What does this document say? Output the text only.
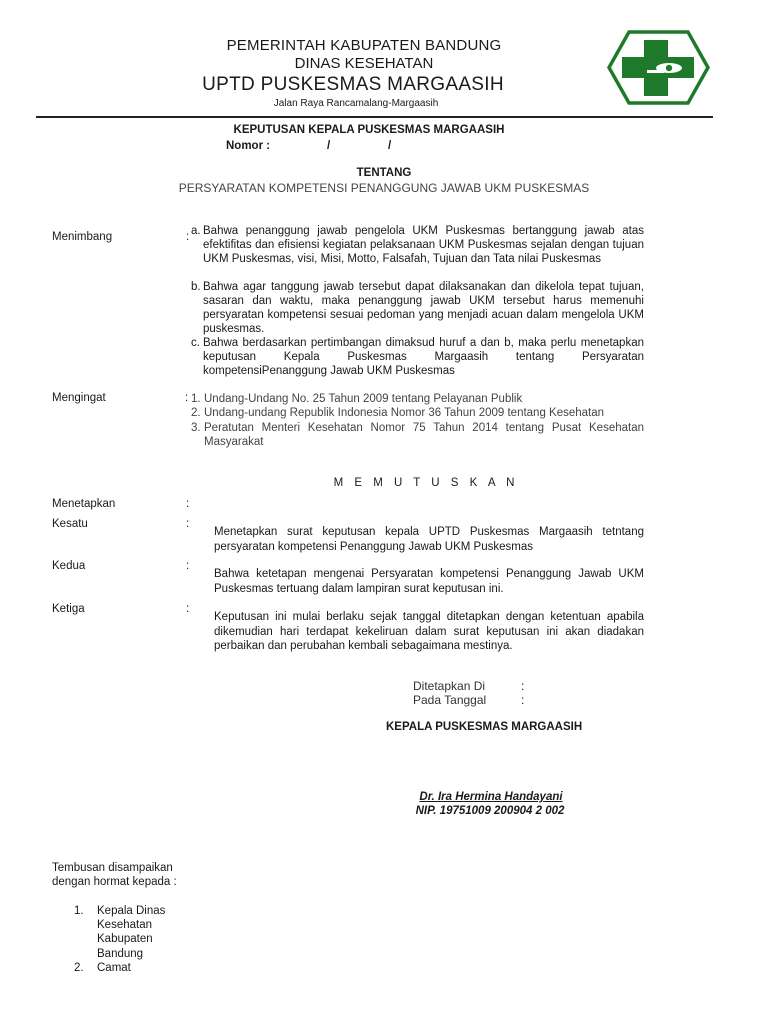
PEMERINTAH KABUPATEN BANDUNG
DINAS KESEHATAN
UPTD PUSKESMAS MARGAASIH
Jalan Raya Rancamalang-Margaasih
KEPUTUSAN KEPALA PUSKESMAS MARGAASIH
Nomor :	/	/
TENTANG
PERSYARATAN KOMPETENSI PENANGGUNG JAWAB UKM PUSKESMAS
Menimbang	: a. Bahwa penanggung jawab pengelola UKM Puskesmas bertanggung jawab atas efektifitas dan efisiensi kegiatan pelaksanaan UKM Puskesmas sejalan dengan tujuan UKM Puskesmas, visi, Misi, Motto, Falsafah, Tujuan dan Tata nilai Puskesmas
b. Bahwa agar tanggung jawab tersebut dapat dilaksanakan dan dikelola tepat tujuan, sasaran dan waktu, maka penanggung jawab UKM tersebut harus memenuhi persyaratan kompetensi sesuai pedoman yang menjadi acuan dalam mengelola UKM puskesmas.
c. Bahwa berdasarkan pertimbangan dimaksud huruf a dan b, maka perlu menetapkan keputusan Kepala Puskesmas Margaasih tentang Persyaratan kompetensiPenanggung Jawab UKM Puskesmas
Mengingat	: 1. Undang-Undang No. 25 Tahun 2009 tentang Pelayanan Publik
2. Undang-undang Republik Indonesia Nomor 36 Tahun 2009 tentang Kesehatan
3. Peratutan Menteri Kesehatan Nomor 75 Tahun 2014 tentang Pusat Kesehatan Masyarakat
M E M U T U S K A N
Menetapkan	:
Kesatu	:
Menetapkan surat keputusan kepala UPTD Puskesmas Margaasih tetntang persyaratan kompetensi Penanggung Jawab UKM Puskesmas
Kedua	:
Bahwa ketetapan mengenai Persyaratan kompetensi Penanggung Jawab UKM Puskesmas tertuang dalam lampiran surat keputusan ini.
Ketiga	:
Keputusan ini mulai berlaku sejak tanggal ditetapkan dengan ketentuan apabila dikemudian hari terdapat kekeliruan dalam surat keputusan ini akan diadakan perbaikan dan perubahan kembali sebagaimana mestinya.
Ditetapkan Di	:
Pada Tanggal	:
KEPALA PUSKESMAS MARGAASIH
Dr. Ira Hermina Handayani
NIP. 19751009 200904 2 002
Tembusan disampaikan dengan hormat kepada :
1. Kepala Dinas Kesehatan Kabupaten Bandung
2. Camat
